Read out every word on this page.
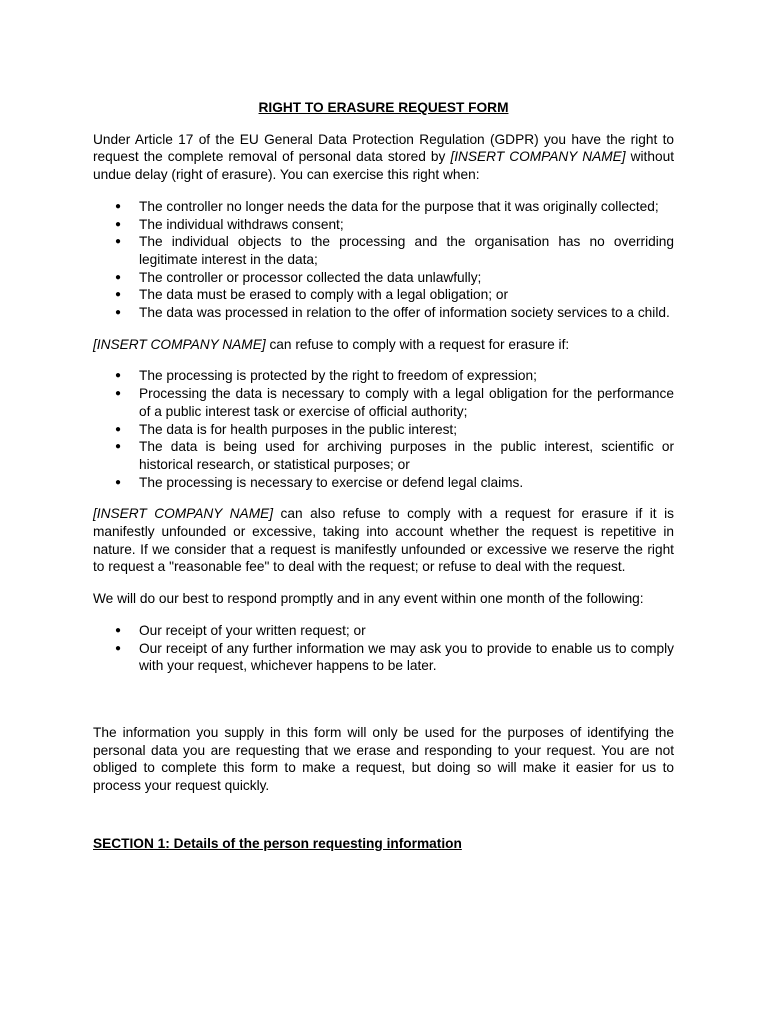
RIGHT TO ERASURE REQUEST FORM

Under Article 17 of the EU General Data Protection Regulation (GDPR) you have the right to request the complete removal of personal data stored by [INSERT COMPANY NAME] without undue delay (right of erasure). You can exercise this right when:

● The controller no longer needs the data for the purpose that it was originally collected;
● The individual withdraws consent;
● The individual objects to the processing and the organisation has no overriding legitimate interest in the data;
● The controller or processor collected the data unlawfully;
● The data must be erased to comply with a legal obligation; or
● The data was processed in relation to the offer of information society services to a child.

[INSERT COMPANY NAME] can refuse to comply with a request for erasure if:

● The processing is protected by the right to freedom of expression;
● Processing the data is necessary to comply with a legal obligation for the performance of a public interest task or exercise of official authority;
● The data is for health purposes in the public interest;
● The data is being used for archiving purposes in the public interest, scientific or historical research, or statistical purposes; or
● The processing is necessary to exercise or defend legal claims.

[INSERT COMPANY NAME] can also refuse to comply with a request for erasure if it is manifestly unfounded or excessive, taking into account whether the request is repetitive in nature. If we consider that a request is manifestly unfounded or excessive we reserve the right to request a "reasonable fee" to deal with the request; or refuse to deal with the request.

We will do our best to respond promptly and in any event within one month of the following:

● Our receipt of your written request; or
● Our receipt of any further information we may ask you to provide to enable us to comply with your request, whichever happens to be later.

The information you supply in this form will only be used for the purposes of identifying the personal data you are requesting that we erase and responding to your request. You are not obliged to complete this form to make a request, but doing so will make it easier for us to process your request quickly.

SECTION 1: Details of the person requesting information
